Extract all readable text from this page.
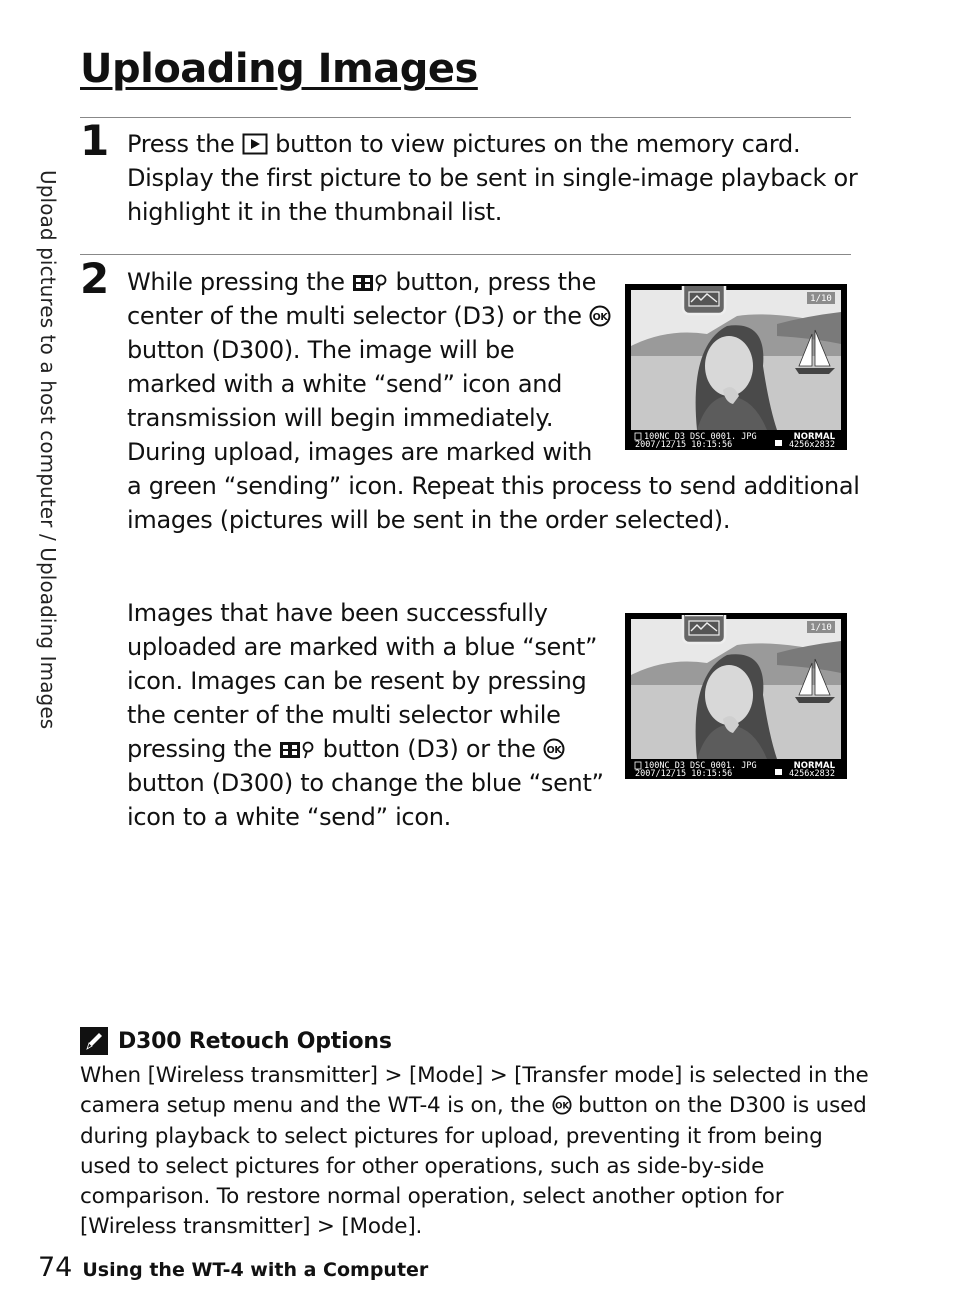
Uploading Images
Upload pictures to a host computer / Uploading Images
1 Press the button to view pictures on the memory card.
Display the first picture to be sent in single-image playback or
highlight it in the thumbnail list.
2 While pressing the button, press the
center of the multi selector (D3) or the OK
button (D300). The image will be
marked with a white “send” icon and
transmission will begin immediately.
During upload, images are marked with
a green “sending” icon. Repeat this process to send additional
images (pictures will be sent in the order selected).
1/10
100NC_D3 DSC_0001. JPG
2007/12/15 10:15:56
NORMAL
4256x2832
Images that have been successfully
uploaded are marked with a blue “sent”
icon. Images can be resent by pressing
the center of the multi selector while
pressing the button (D3) or the OK
button (D300) to change the blue “sent”
icon to a white “send” icon.
1/10
100NC_D3 DSC_0001. JPG
2007/12/15 10:15:56
NORMAL
4256x2832
D300 Retouch Options
When [Wireless transmitter] > [Mode] > [Transfer mode] is selected in the
camera setup menu and the WT-4 is on, the OK button on the D300 is used
during playback to select pictures for upload, preventing it from being
used to select pictures for other operations, such as side-by-side
comparison. To restore normal operation, select another option for
[Wireless transmitter] > [Mode].
74 Using the WT-4 with a Computer
